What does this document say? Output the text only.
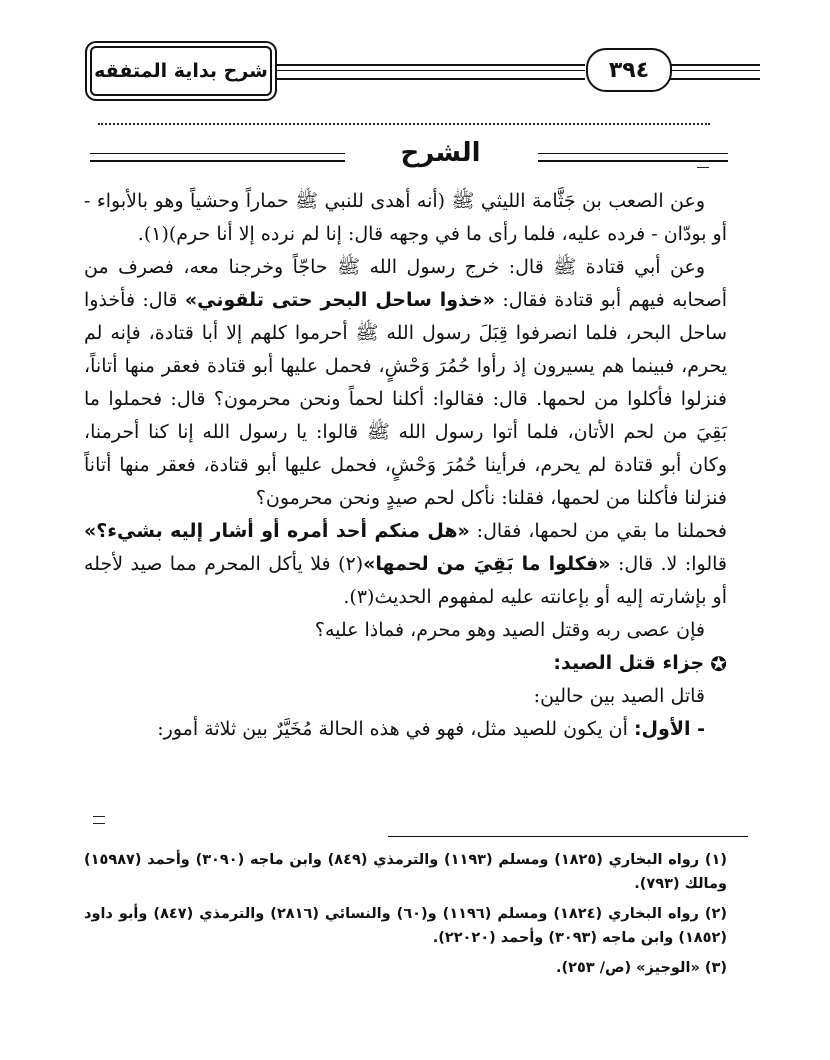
شرح بداية المتفقه	٣٩٤
الشرح

وعن الصعب بن جَثَّامة الليثي ﷺ (أنه أهدى للنبي ﷺ حماراً وحشياً وهو بالأبواء - أو بودّان - فرده عليه، فلما رأى ما في وجهه قال: إنا لم نرده إلا أنا حرم)(١).

وعن أبي قتادة ﷺ قال: خرج رسول الله ﷺ حاجّاً وخرجنا معه، فصرف من أصحابه فيهم أبو قتادة فقال: «خذوا ساحل البحر حتى تلقوني» قال: فأخذوا ساحل البحر، فلما انصرفوا قِبَلَ رسول الله ﷺ أحرموا كلهم إلا أبا قتادة، فإنه لم يحرم، فبينما هم يسيرون إذ رأوا حُمُرَ وَحْشٍ، فحمل عليها أبو قتادة فعقر منها أتاناً، فنزلوا فأكلوا من لحمها. قال: فقالوا: أكلنا لحماً ونحن محرمون؟ قال: فحملوا ما بَقِيَ من لحم الأتان، فلما أتوا رسول الله ﷺ قالوا: يا رسول الله إنا كنا أحرمنا، وكان أبو قتادة لم يحرم، فرأينا حُمُرَ وَحْشٍ، فحمل عليها أبو قتادة، فعقر منها أتاناً فنزلنا فأكلنا من لحمها، فقلنا: نأكل لحم صيدٍ ونحن محرمون؟

فحملنا ما بقي من لحمها، فقال: «هل منكم أحد أمره أو أشار إليه بشيء؟» قالوا: لا. قال: «فكلوا ما بَقِيَ من لحمها»(٢) فلا يأكل المحرم مما صيد لأجله أو بإشارته إليه أو بإعانته عليه لمفهوم الحديث(٣).

فإن عصى ربه وقتل الصيد وهو محرم، فماذا عليه؟

✪
جزاء قتل الصيد:

قاتل الصيد بين حالين:

- الأول: أن يكون للصيد مثل، فهو في هذه الحالة مُخَيَّرٌ بين ثلاثة أمور:

(١) رواه البخاري (١٨٢٥) ومسلم (١١٩٣) والترمذي (٨٤٩) وابن ماجه (٣٠٩٠) وأحمد (١٥٩٨٧) ومالك (٧٩٣).

(٢) رواه البخاري (١٨٢٤) ومسلم (١١٩٦) و(٦٠) والنسائي (٢٨١٦) والترمذي (٨٤٧) وأبو داود (١٨٥٢) وابن ماجه (٣٠٩٣) وأحمد (٢٢٠٢٠).

(٣) «الوجيز» (ص/ ٢٥٣).
